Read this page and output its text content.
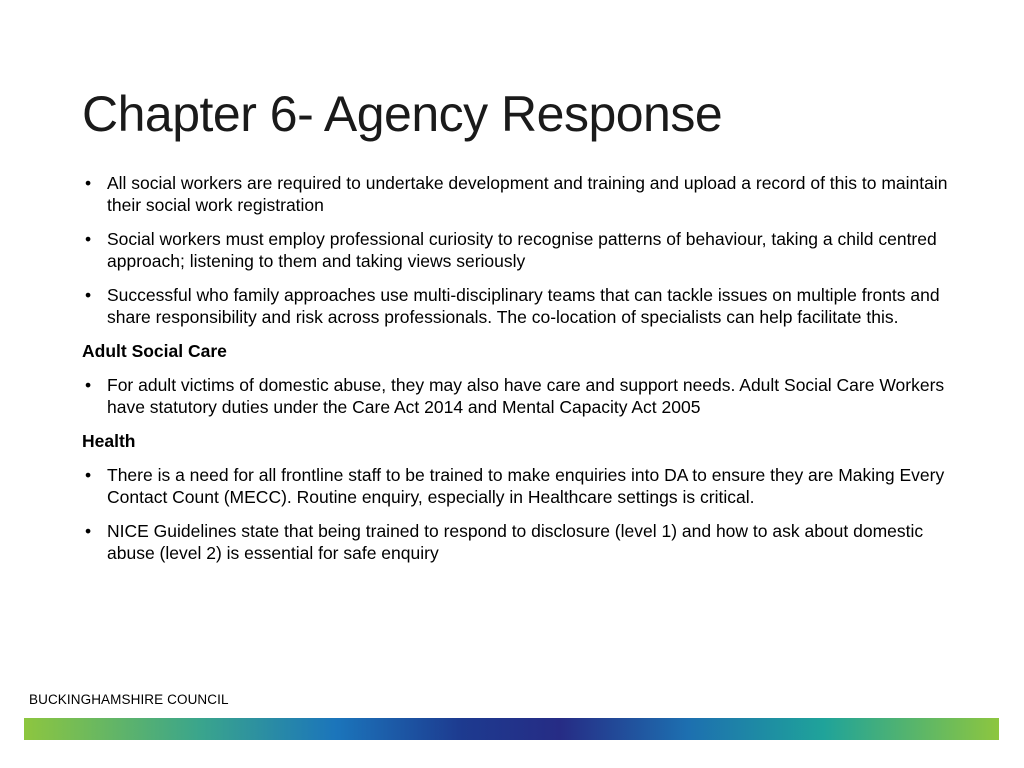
Chapter 6- Agency Response
• All social workers are required to undertake development and training and upload a record of this to maintain their social work registration
• Social workers must employ professional curiosity to recognise patterns of behaviour, taking a child centred approach; listening to them and taking views seriously
• Successful who family approaches use multi-disciplinary teams that can tackle issues on multiple fronts and share responsibility and risk across professionals. The co-location of specialists can help facilitate this.
Adult Social Care
• For adult victims of domestic abuse, they may also have care and support needs. Adult Social Care Workers have statutory duties under the Care Act 2014 and Mental Capacity Act 2005
Health
• There is a need for all frontline staff to be trained to make enquiries into DA to ensure they are Making Every Contact Count (MECC). Routine enquiry, especially in Healthcare settings is critical.
• NICE Guidelines state that being trained to respond to disclosure (level 1) and how to ask about domestic abuse (level 2) is essential for safe enquiry
BUCKINGHAMSHIRE COUNCIL
